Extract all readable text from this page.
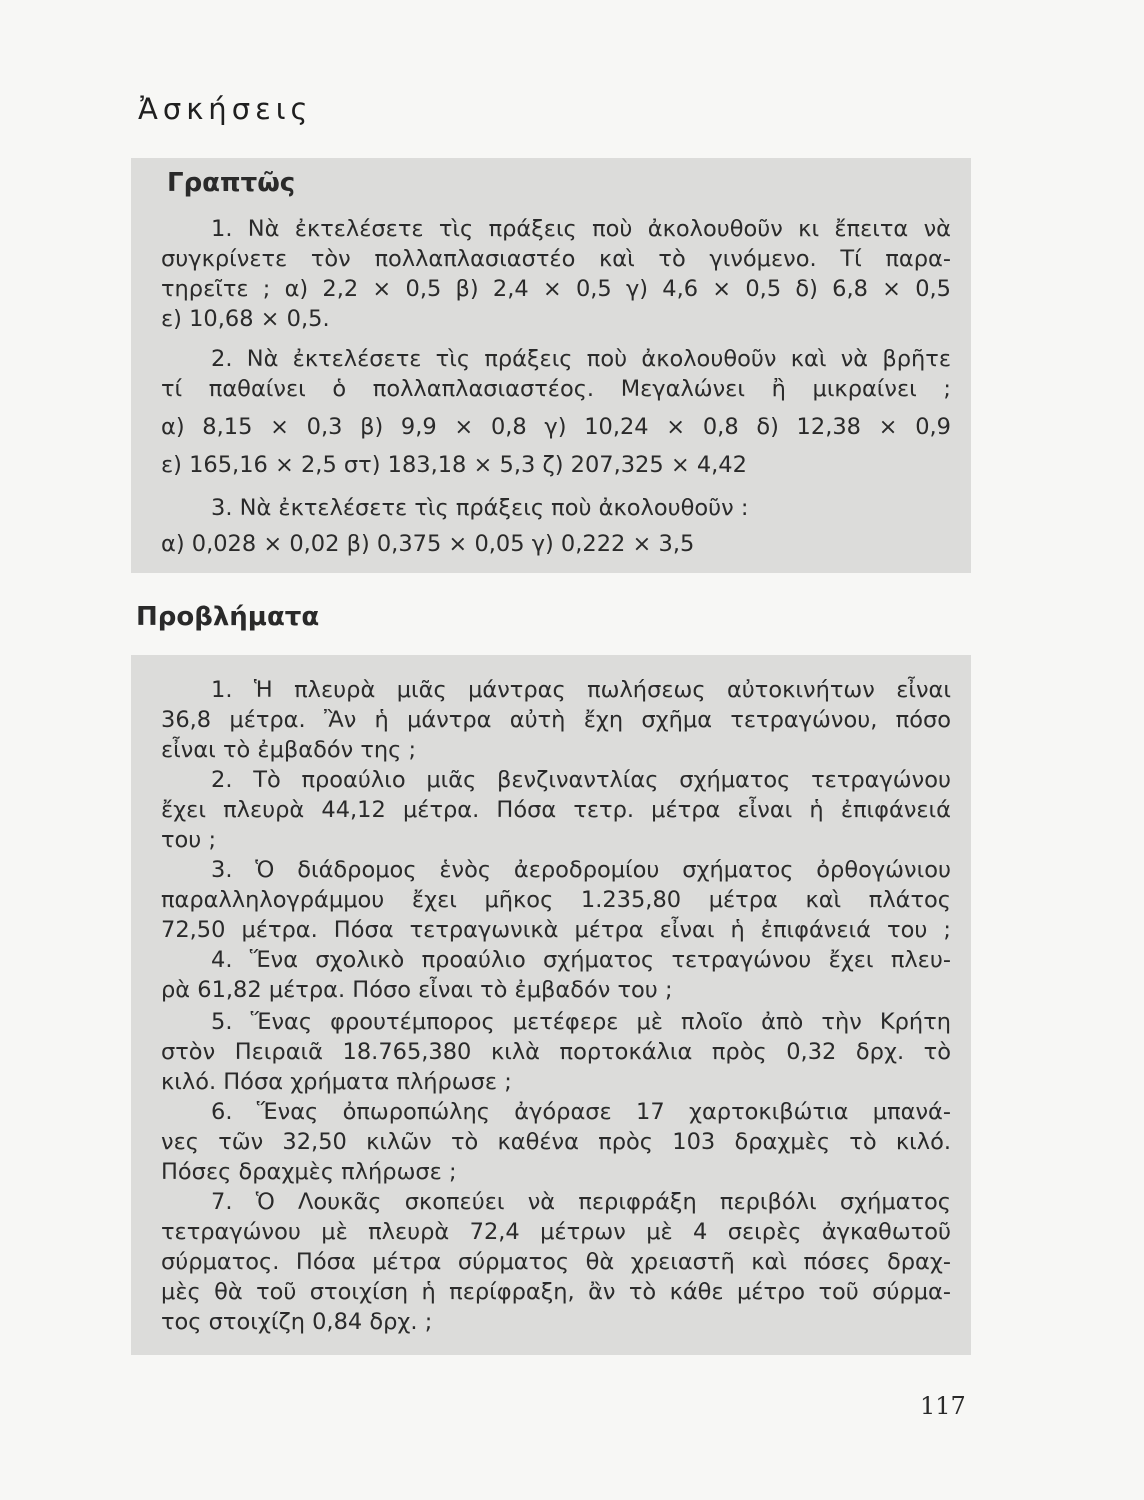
Ἀσκήσεις
Γραπτῶς
1. Νὰ ἐκτελέσετε τὶς πράξεις ποὺ ἀκολουθοῦν κι ἔπειτα νὰ
συγκρίνετε τὸν πολλαπλασιαστέο καὶ τὸ γινόμενο. Τί παρα-
τηρεῖτε ; α) 2,2 × 0,5 β) 2,4 × 0,5 γ) 4,6 × 0,5 δ) 6,8 × 0,5
ε) 10,68 × 0,5.
2. Νὰ ἐκτελέσετε τὶς πράξεις ποὺ ἀκολουθοῦν καὶ νὰ βρῆτε
τί παθαίνει ὁ πολλαπλασιαστέος. Μεγαλώνει ἢ μικραίνει ;
α) 8,15 × 0,3 β) 9,9 × 0,8 γ) 10,24 × 0,8 δ) 12,38 × 0,9
ε) 165,16 × 2,5 στ) 183,18 × 5,3 ζ) 207,325 × 4,42
3. Νὰ ἐκτελέσετε τὶς πράξεις ποὺ ἀκολουθοῦν :
α) 0,028 × 0,02 β) 0,375 × 0,05 γ) 0,222 × 3,5
Προβλήματα
1. Ἡ πλευρὰ μιᾶς μάντρας πωλήσεως αὐτοκινήτων εἶναι
36,8 μέτρα. Ἂν ἡ μάντρα αὐτὴ ἔχη σχῆμα τετραγώνου, πόσο
εἶναι τὸ ἐμβαδόν της ;
2. Τὸ προαύλιο μιᾶς βενζιναντλίας σχήματος τετραγώνου
ἔχει πλευρὰ 44,12 μέτρα. Πόσα τετρ. μέτρα εἶναι ἡ ἐπιφάνειά
του ;
3. Ὁ διάδρομος ἑνὸς ἀεροδρομίου σχήματος ὀρθογώνιου
παραλληλογράμμου ἔχει μῆκος 1.235,80 μέτρα καὶ πλάτος
72,50 μέτρα. Πόσα τετραγωνικὰ μέτρα εἶναι ἡ ἐπιφάνειά του ;
4. Ἕνα σχολικὸ προαύλιο σχήματος τετραγώνου ἔχει πλευ-
ρὰ 61,82 μέτρα. Πόσο εἶναι τὸ ἐμβαδόν του ;
5. Ἕνας φρουτέμπορος μετέφερε μὲ πλοῖο ἀπὸ τὴν Κρήτη
στὸν Πειραιᾶ 18.765,380 κιλὰ πορτοκάλια πρὸς 0,32 δρχ. τὸ
κιλό. Πόσα χρήματα πλήρωσε ;
6. Ἕνας ὀπωροπώλης ἀγόρασε 17 χαρτοκιβώτια μπανά-
νες τῶν 32,50 κιλῶν τὸ καθένα πρὸς 103 δραχμὲς τὸ κιλό.
Πόσες δραχμὲς πλήρωσε ;
7. Ὁ Λουκᾶς σκοπεύει νὰ περιφράξη περιβόλι σχήματος
τετραγώνου μὲ πλευρὰ 72,4 μέτρων μὲ 4 σειρὲς ἀγκαθωτοῦ
σύρματος. Πόσα μέτρα σύρματος θὰ χρειαστῆ καὶ πόσες δραχ-
μὲς θὰ τοῦ στοιχίση ἡ περίφραξη, ἂν τὸ κάθε μέτρο τοῦ σύρμα-
τος στοιχίζη 0,84 δρχ. ;
117
